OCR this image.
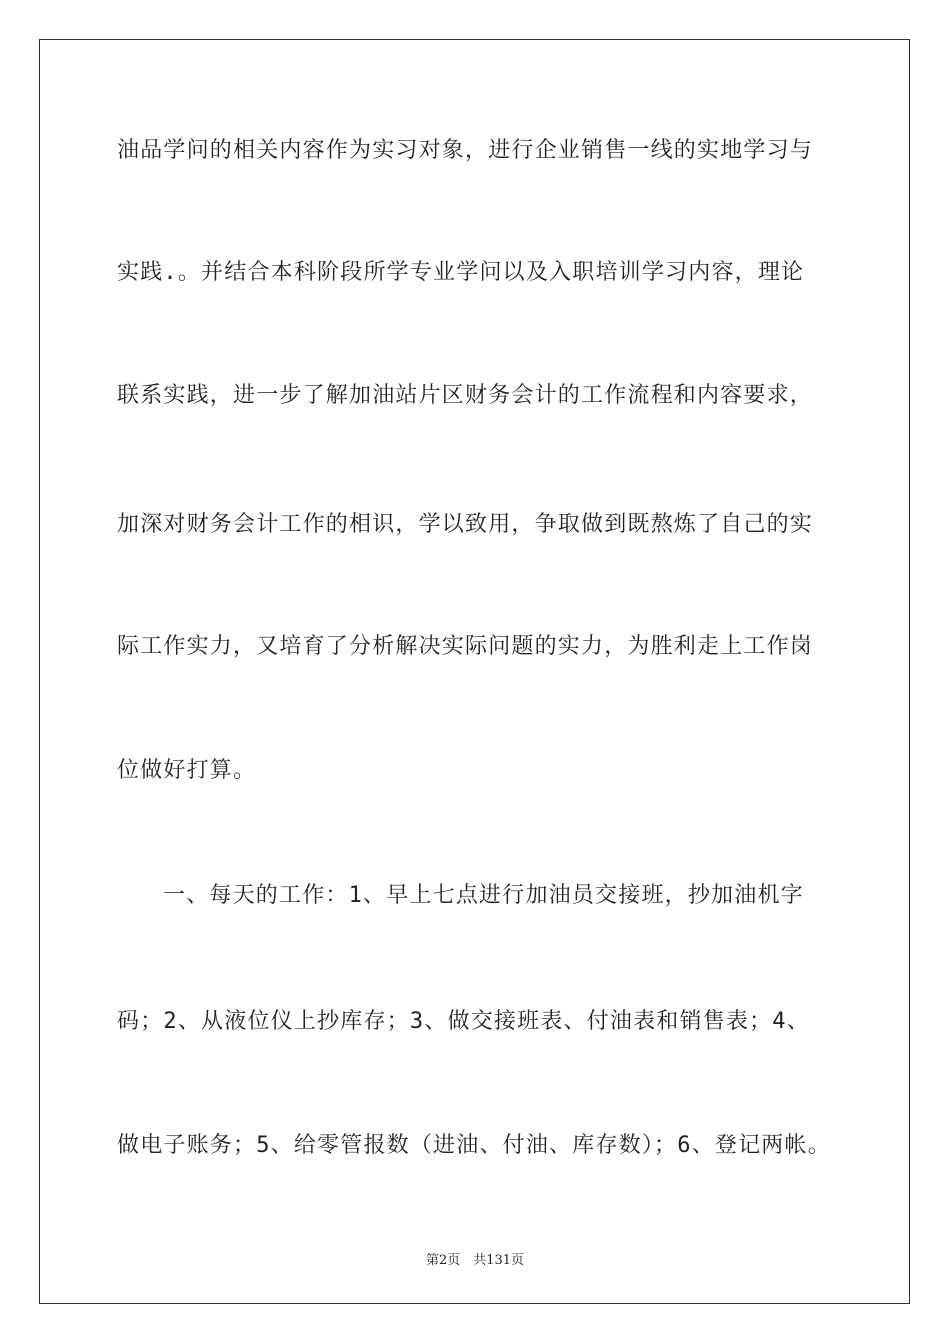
油品学问的相关内容作为实习对象，进行企业销售一线的实地学习与
实践.。并结合本科阶段所学专业学问以及入职培训学习内容，理论
联系实践，进一步了解加油站片区财务会计的工作流程和内容要求，
加深对财务会计工作的相识，学以致用，争取做到既熬炼了自己的实
际工作实力，又培育了分析解决实际问题的实力，为胜利走上工作岗
位做好打算。
一、每天的工作：1、早上七点进行加油员交接班，抄加油机字
码；2、从液位仪上抄库存；3、做交接班表、付油表和销售表；4、
做电子账务；5、给零管报数（进油、付油、库存数）；6、登记两帐。
第2页　共131页
